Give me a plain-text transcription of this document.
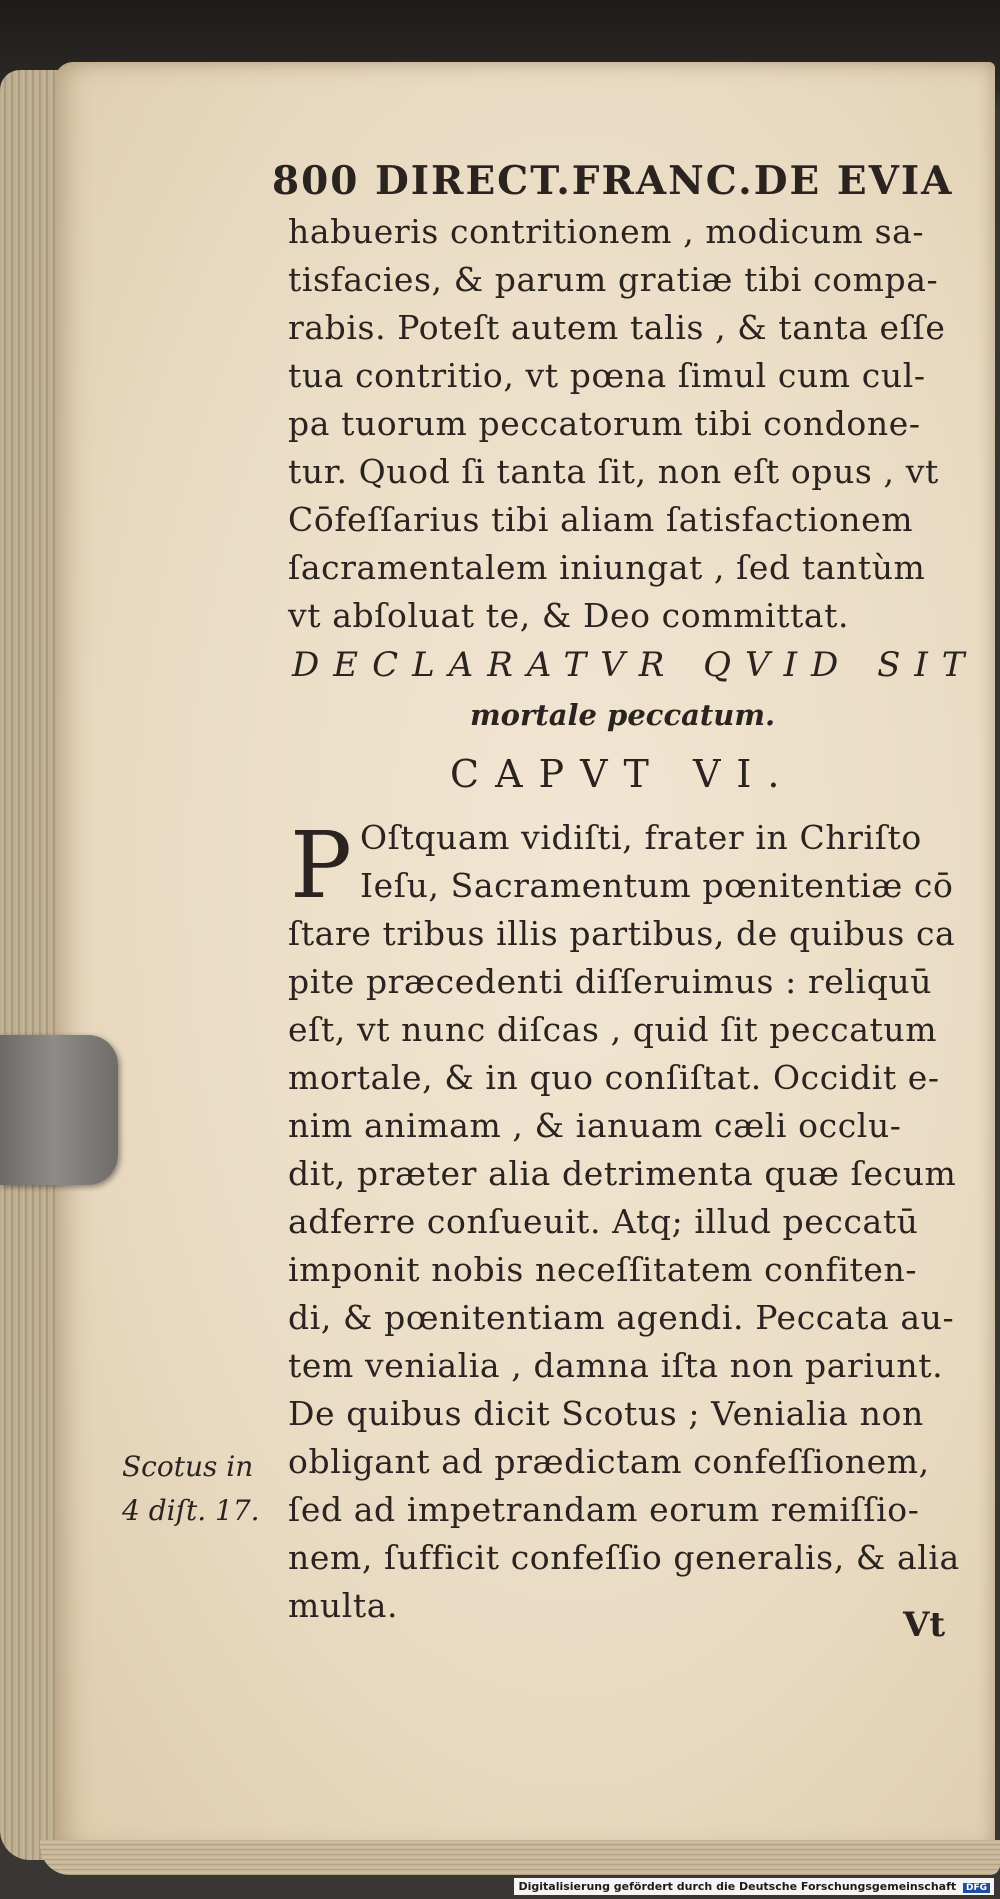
800 DIRECT.FRANC.DE EVIA
habueris contritionem , modicum sa-
tisfacies, & parum gratiæ tibi compa-
rabis. Poteſt autem talis , & tanta eſſe
tua contritio, vt pœna ſimul cum cul-
pa tuorum peccatorum tibi condone-
tur. Quod ſi tanta ſit, non eſt opus , vt
Cōfeſſarius tibi aliam ſatisfactionem
ſacramentalem iniungat , ſed tantùm
vt abſoluat te, & Deo committat.
DECLARATVR QVID SIT
mortale peccatum.
CAPVT VI.
P Oſtquam vidiſti, frater in Chriſto
Ieſu, Sacramentum pœnitentiæ cō
ſtare tribus illis partibus, de quibus ca
pite præcedenti diſſeruimus : reliquū
eſt, vt nunc diſcas , quid ſit peccatum
mortale, & in quo conſiſtat. Occidit e-
nim animam , & ianuam cæli occlu-
dit, præter alia detrimenta quæ ſecum
adferre conſueuit. Atq; illud peccatū
imponit nobis neceſſitatem confiten-
di, & pœnitentiam agendi. Peccata au-
tem venialia , damna iſta non pariunt.
De quibus dicit Scotus ; Venialia non
obligant ad prædictam confeſſionem,
ſed ad impetrandam eorum remiſſio-
nem, ſufficit confeſſio generalis, & alia
multa.
Scotus in
4 diſt. 17.
Vt
Digitalisierung gefördert durch die Deutsche Forschungsgemeinschaft DFG
